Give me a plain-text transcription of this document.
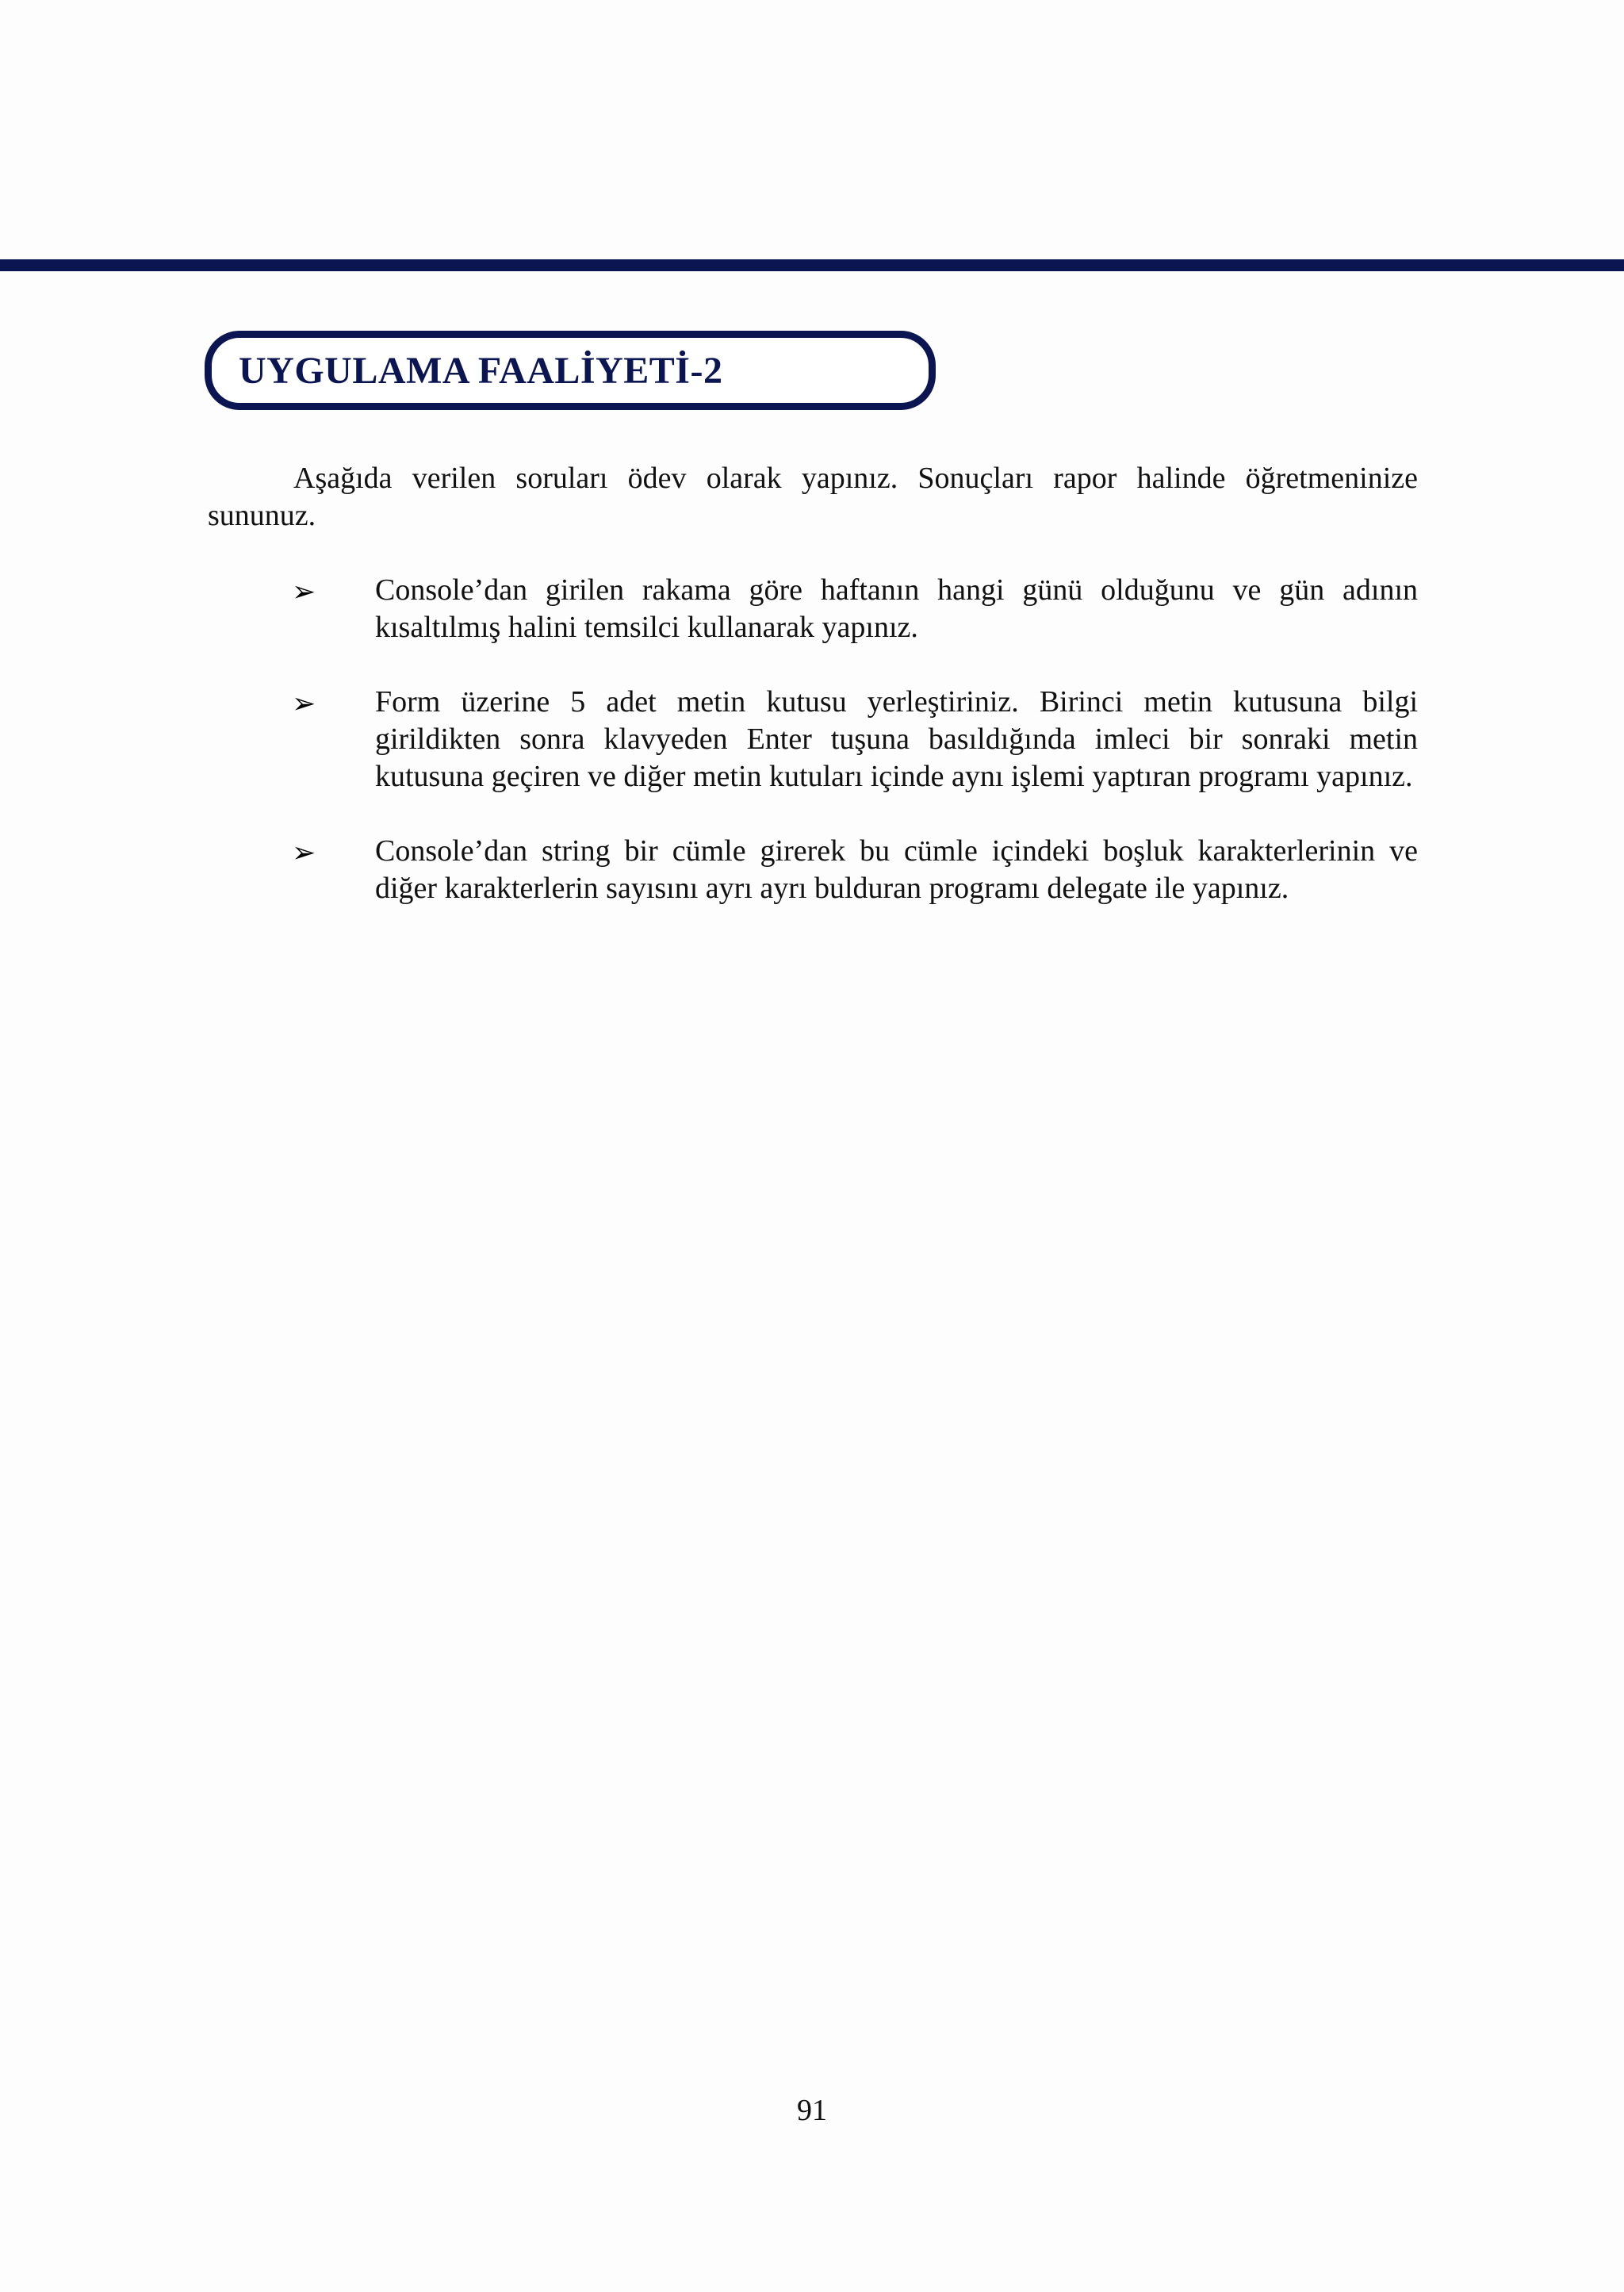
UYGULAMA FAALİYETİ-2

Aşağıda verilen soruları ödev olarak yapınız. Sonuçları rapor halinde öğretmeninize sununuz.

➢ Console’dan girilen rakama göre haftanın hangi günü olduğunu ve gün adının kısaltılmış halini temsilci kullanarak yapınız.
➢ Form üzerine 5 adet metin kutusu yerleştiriniz. Birinci metin kutusuna bilgi girildikten sonra klavyeden Enter tuşuna basıldığında imleci bir sonraki metin kutusuna geçiren ve diğer metin kutuları içinde aynı işlemi yaptıran programı yapınız.
➢ Console’dan string bir cümle girerek bu cümle içindeki boşluk karakterlerinin ve diğer karakterlerin sayısını ayrı ayrı bulduran programı delegate ile yapınız.
91
